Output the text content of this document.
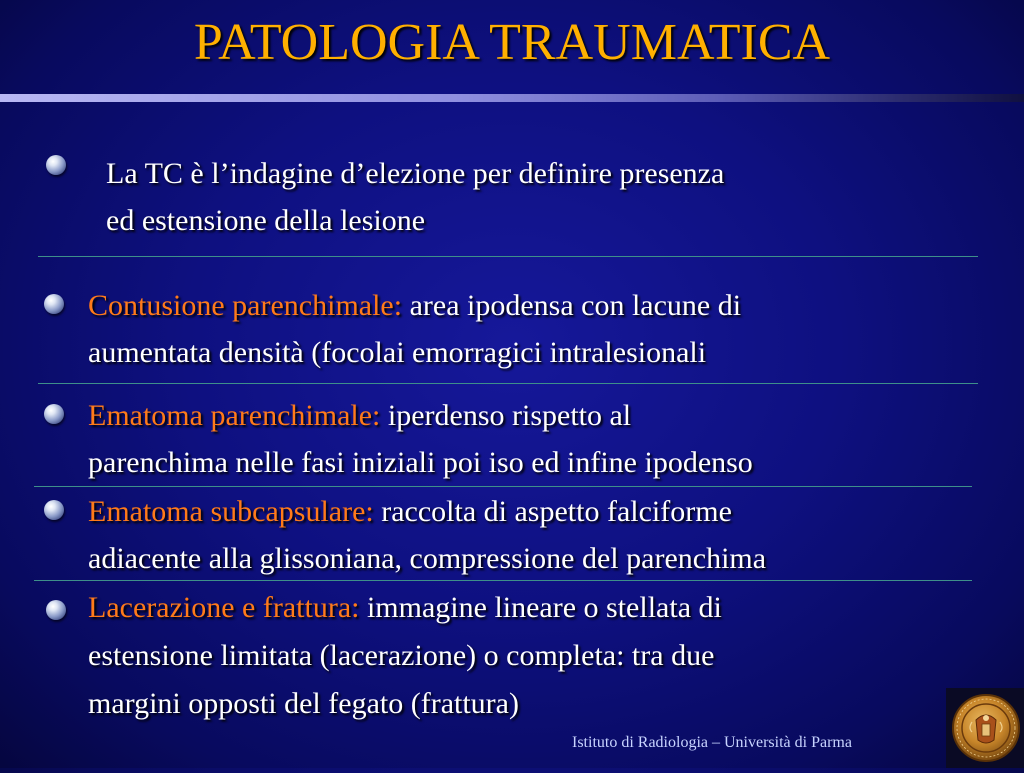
PATOLOGIA TRAUMATICA
La TC è l’indagine d’elezione per definire presenza
ed estensione della lesione
Contusione parenchimale: area ipodensa con lacune di
aumentata densità (focolai emorragici intralesionali
Ematoma parenchimale: iperdenso rispetto al
parenchima nelle fasi iniziali poi iso ed infine ipodenso
Ematoma subcapsulare: raccolta di aspetto falciforme
adiacente alla glissoniana, compressione del parenchima
Lacerazione e frattura: immagine lineare o stellata di
estensione limitata (lacerazione) o completa: tra due
margini opposti del fegato (frattura)
Istituto di Radiologia – Università di Parma
